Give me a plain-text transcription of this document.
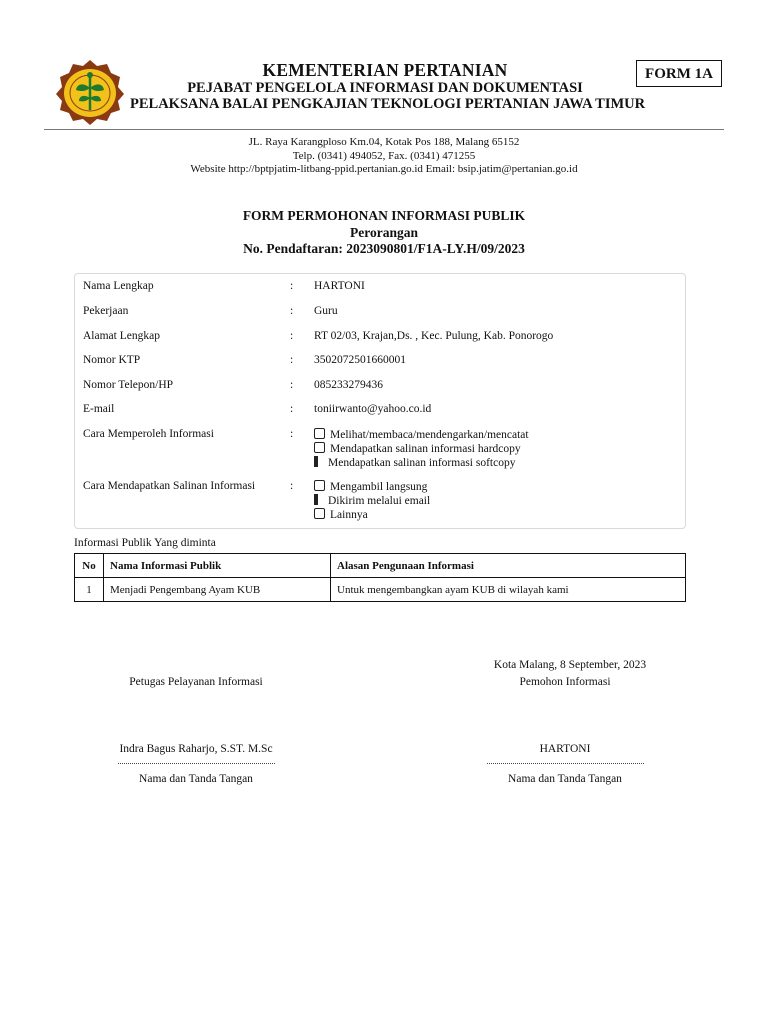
KEMENTERIAN PERTANIAN
PEJABAT PENGELOLA INFORMASI DAN DOKUMENTASI
PELAKSANA BALAI PENGKAJIAN TEKNOLOGI PERTANIAN JAWA TIMUR
FORM 1A
JL. Raya Karangploso Km.04, Kotak Pos 188, Malang 65152
Telp. (0341) 494052, Fax. (0341) 471255
Website http://bptpjatim-litbang-ppid.pertanian.go.id Email: bsip.jatim@pertanian.go.id
FORM PERMOHONAN INFORMASI PUBLIK
Perorangan
No. Pendaftaran: 2023090801/F1A-LY.H/09/2023
Nama Lengkap	: HARTONI
Pekerjaan	: Guru
Alamat Lengkap	: RT 02/03, Krajan,Ds. , Kec. Pulung, Kab. Ponorogo
Nomor KTP	: 3502072501660001
Nomor Telepon/HP	: 085233279436
E-mail	: toniirwanto@yahoo.co.id
Cara Memperoleh Informasi	:	Melihat/membaca/mendengarkan/mencatat
Mendapatkan salinan informasi hardcopy
Mendapatkan salinan informasi softcopy
Cara Mendapatkan Salinan Informasi	:	Mengambil langsung
Dikirim melalui email
Lainnya
Informasi Publik Yang diminta
No	Nama Informasi Publik	Alasan Pengunaan Informasi
1	Menjadi Pengembang Ayam KUB	Untuk mengembangkan ayam KUB di wilayah kami
Kota Malang, 8 September, 2023
Petugas Pelayanan Informasi	Pemohon Informasi
Indra Bagus Raharjo, S.ST. M.Sc	HARTONI
Nama dan Tanda Tangan	Nama dan Tanda Tangan
